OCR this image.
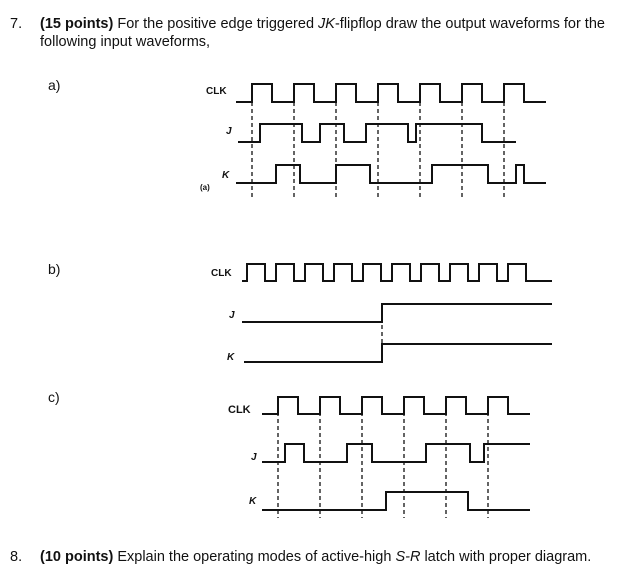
7. (15 points) For the positive edge triggered JK-flipflop draw the output waveforms for the
following input waveforms,
a)
b)
c)
CLK
J
K
(a)
CLK
J
K
CLK
J
K
8. (10 points) Explain the operating modes of active-high S-R latch with proper diagram.
